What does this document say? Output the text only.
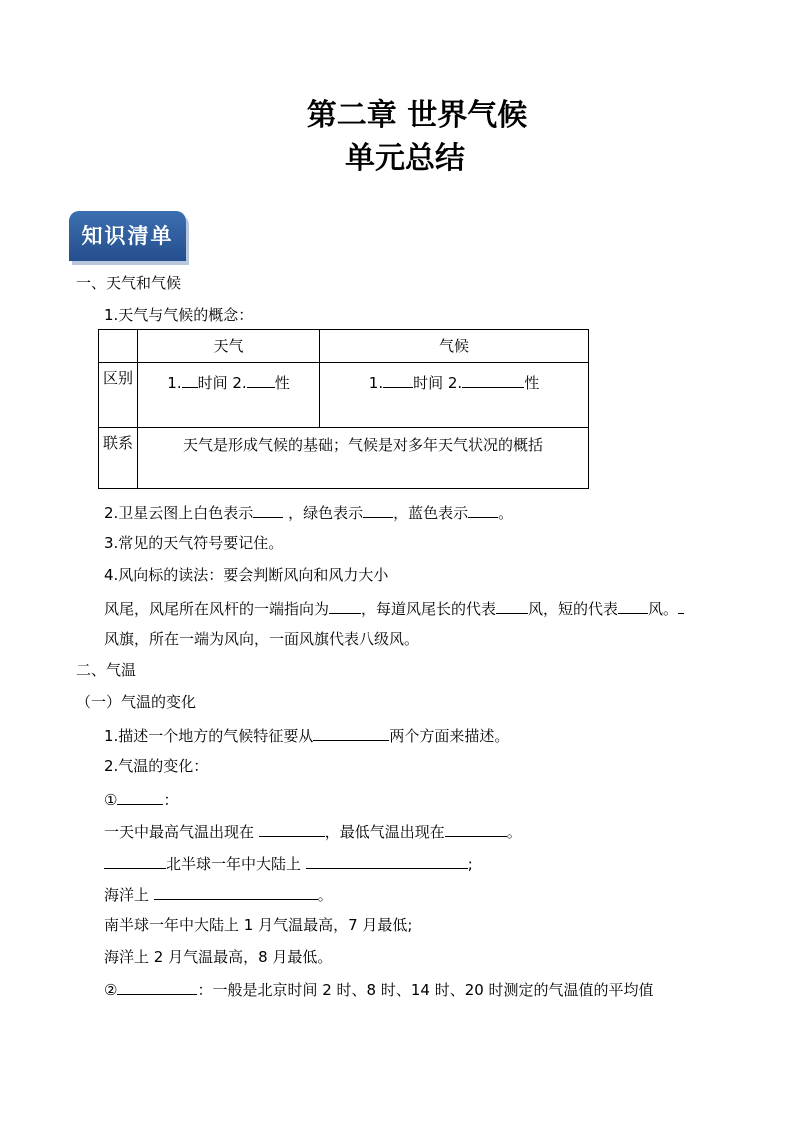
第二章 世界气候
单元总结
知识清单
一、天气和气候
1.天气与气候的概念：
	天气	气候
区别	1. 时间 2. 性	1. 时间 2. 性
联系	天气是形成气候的基础；气候是对多年天气状况的概括	
2.卫星云图上白色表示 ，绿色表示 ，蓝色表示 。
3.常见的天气符号要记住。
4.风向标的读法：要会判断风向和风力大小
风尾，风尾所在风杆的一端指向为 ，每道风尾长的代表 风，短的代表 风。
风旗，所在一端为风向，一面风旗代表八级风。
二、气温
（一）气温的变化
1.描述一个地方的气候特征要从	两个方面来描述。
2.气温的变化：
①	：
一天中最高气温出现在	，最低气温出现在	。
北半球一年中大陆上	;
海洋上	。
南半球一年中大陆上 1 月气温最高，7 月最低;
海洋上 2 月气温最高，8 月最低。
②	：一般是北京时间 2 时、8 时、14 时、20 时测定的气温值的平均值
